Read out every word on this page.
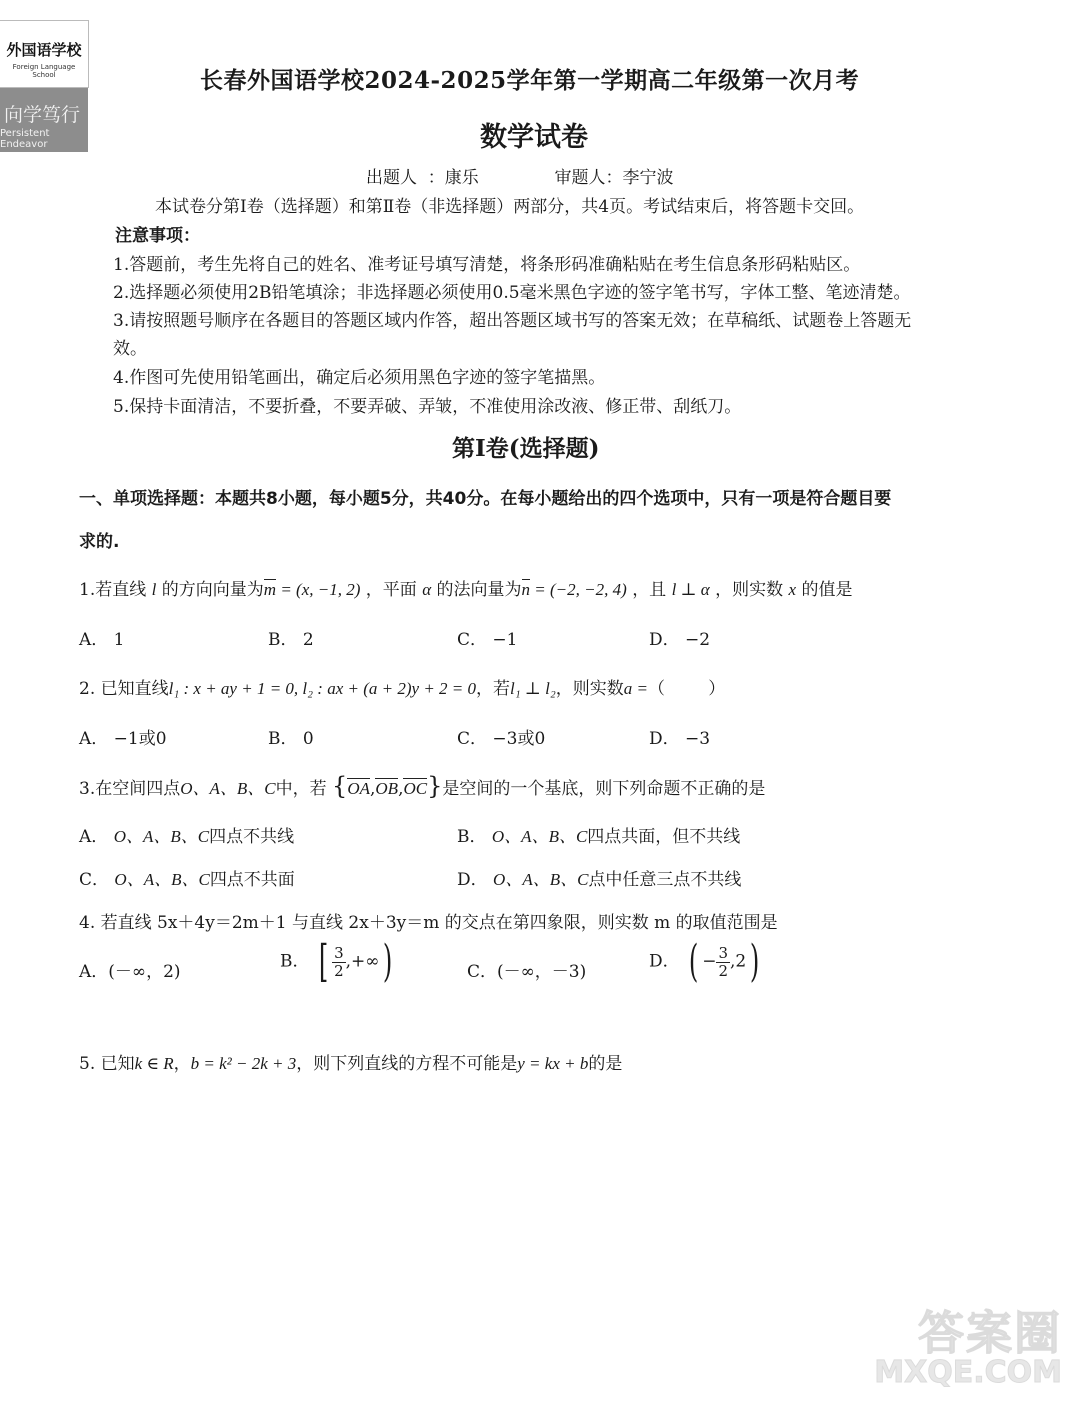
外国语学校
Foreign Language School
向学笃行
Persistent Endeavor
长春外国语学校2024-2025学年第一学期高二年级第一次月考
数学试卷
出题人  ：康乐              审题人：李宁波
本试卷分第Ⅰ卷（选择题）和第Ⅱ卷（非选择题）两部分，共4页。考试结束后，将答题卡交回。
注意事项：
1.答题前，考生先将自己的姓名、准考证号填写清楚，将条形码准确粘贴在考生信息条形码粘贴区。
2.选择题必须使用2B铅笔填涂；非选择题必须使用0.5毫米黑色字迹的签字笔书写，字体工整、笔迹清楚。
3.请按照题号顺序在各题目的答题区域内作答，超出答题区域书写的答案无效；在草稿纸、试题卷上答题无
效。
4.作图可先使用铅笔画出，确定后必须用黑色字迹的签字笔描黑。
5.保持卡面清洁，不要折叠，不要弄破、弄皱，不准使用涂改液、修正带、刮纸刀。
第Ⅰ卷(选择题)
一、单项选择题：本题共8小题，每小题5分，共40分。在每小题给出的四个选项中，只有一项是符合题目要
求的.
1.若直线 l 的方向向量为m = (x, −1, 2) ，平面 α 的法向量为n = (−2, −2, 4) ，且 l ⊥ α ，则实数 x 的值是
A． 1	B． 2	C． −1	D． −2
2. 已知直线l₁ : x + ay + 1 = 0, l₂ : ax + (a + 2)y + 2 = 0，若l₁ ⊥ l₂，则实数a =（        ）
A． −1或0	B． 0	C． −3或0	D． −3
3.在空间四点O、A、B、C中，若 {OA,OB,OC}是空间的一个基底，则下列命题不正确的是
A． O、A、B、C四点不共线	B． O、A、B、C四点共面，但不共线
C． O、A、B、C四点不共面	D． O、A、B、C点中任意三点不共线
4. 若直线 5x＋4y＝2m＋1 与直线 2x＋3y＝m 的交点在第四象限，则实数 m 的取值范围是
A．(－∞，2)
B． [ $\frac{3}{2}$ ,+∞)	C．(－∞，－3)
D． ( − $\frac{3}{2} ,2$)
5. 已知k ∈ R，b = k² − 2k + 3，则下列直线的方程不可能是y = kx + b的是
答案圈
MXQE.COM
